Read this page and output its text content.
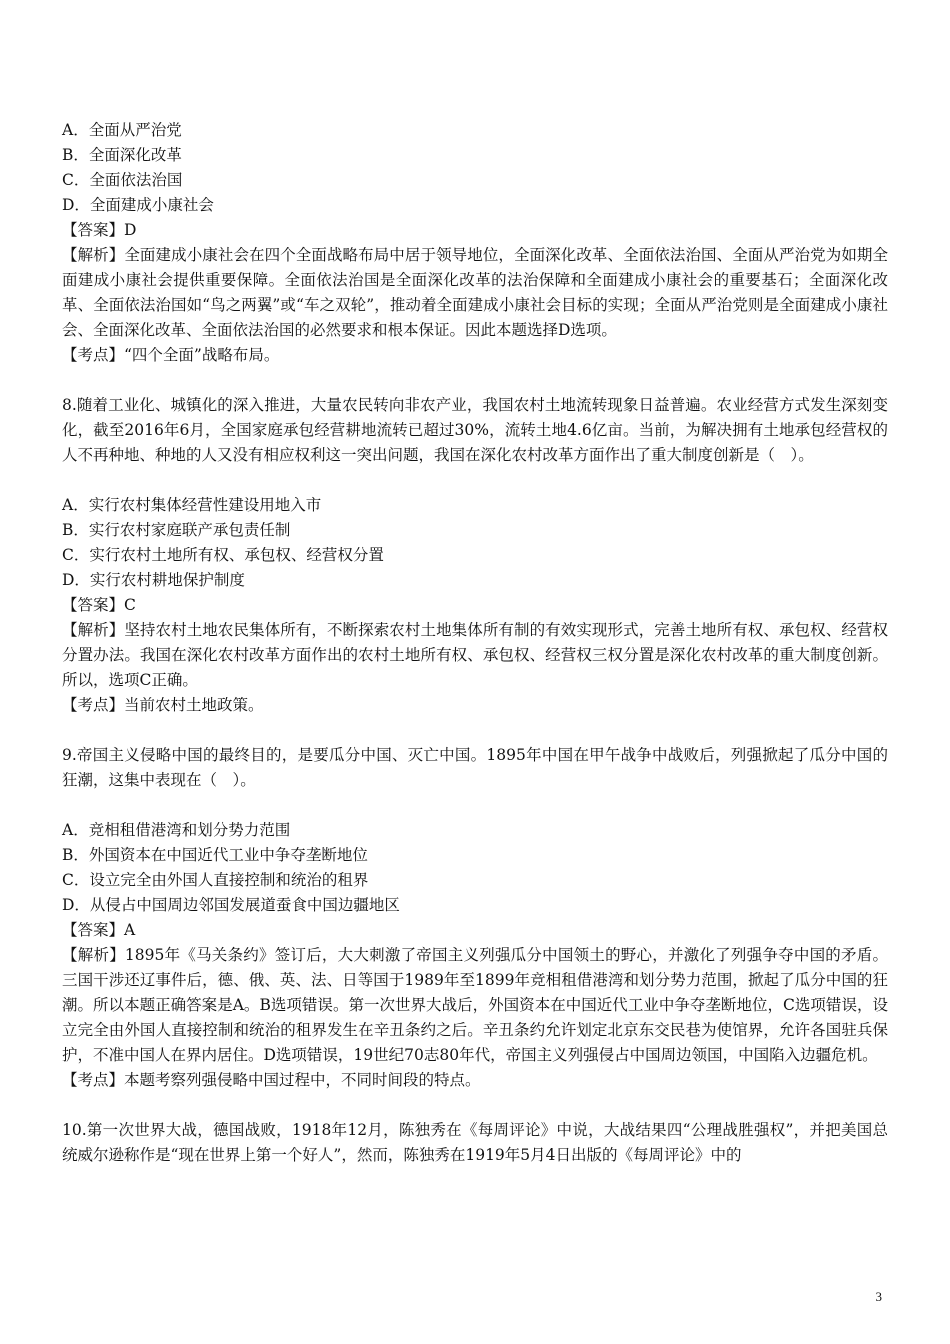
A．全面从严治党
B．全面深化改革
C．全面依法治国
D．全面建成小康社会
【答案】D
【解析】全面建成小康社会在四个全面战略布局中居于领导地位，全面深化改革、全面依法治国、全面从严治党为如期全面建成小康社会提供重要保障。全面依法治国是全面深化改革的法治保障和全面建成小康社会的重要基石；全面深化改革、全面依法治国如“鸟之两翼”或“车之双轮”，推动着全面建成小康社会目标的实现；全面从严治党则是全面建成小康社会、全面深化改革、全面依法治国的必然要求和根本保证。因此本题选择D选项。
【考点】“四个全面”战略布局。
8.随着工业化、城镇化的深入推进，大量农民转向非农产业，我国农村土地流转现象日益普遍。农业经营方式发生深刻变化，截至2016年6月，全国家庭承包经营耕地流转已超过30%，流转土地4.6亿亩。当前，为解决拥有土地承包经营权的人不再种地、种地的人又没有相应权利这一突出问题，我国在深化农村改革方面作出了重大制度创新是（　）。
A．实行农村集体经营性建设用地入市
B．实行农村家庭联产承包责任制
C．实行农村土地所有权、承包权、经营权分置
D．实行农村耕地保护制度
【答案】C
【解析】坚持农村土地农民集体所有，不断探索农村土地集体所有制的有效实现形式，完善土地所有权、承包权、经营权分置办法。我国在深化农村改革方面作出的农村土地所有权、承包权、经营权三权分置是深化农村改革的重大制度创新。所以，选项C正确。
【考点】当前农村土地政策。
9.帝国主义侵略中国的最终目的，是要瓜分中国、灭亡中国。1895年中国在甲午战争中战败后，列强掀起了瓜分中国的狂潮，这集中表现在（　）。
A．竞相租借港湾和划分势力范围
B．外国资本在中国近代工业中争夺垄断地位
C．设立完全由外国人直接控制和统治的租界
D．从侵占中国周边邻国发展道蚕食中国边疆地区
【答案】A
【解析】1895年《马关条约》签订后，大大刺激了帝国主义列强瓜分中国领土的野心，并激化了列强争夺中国的矛盾。三国干涉还辽事件后，德、俄、英、法、日等国于1989年至1899年竞相租借港湾和划分势力范围，掀起了瓜分中国的狂潮。所以本题正确答案是A。B选项错误。第一次世界大战后，外国资本在中国近代工业中争夺垄断地位，C选项错误，设立完全由外国人直接控制和统治的租界发生在辛丑条约之后。辛丑条约允许划定北京东交民巷为使馆界，允许各国驻兵保护，不准中国人在界内居住。D选项错误，19世纪70志80年代，帝国主义列强侵占中国周边领国，中国陷入边疆危机。
【考点】本题考察列强侵略中国过程中，不同时间段的特点。
10.第一次世界大战，德国战败，1918年12月，陈独秀在《每周评论》中说，大战结果四“公理战胜强权”，并把美国总统威尔逊称作是“现在世界上第一个好人”，然而，陈独秀在1919年5月4日出版的《每周评论》中的
3
